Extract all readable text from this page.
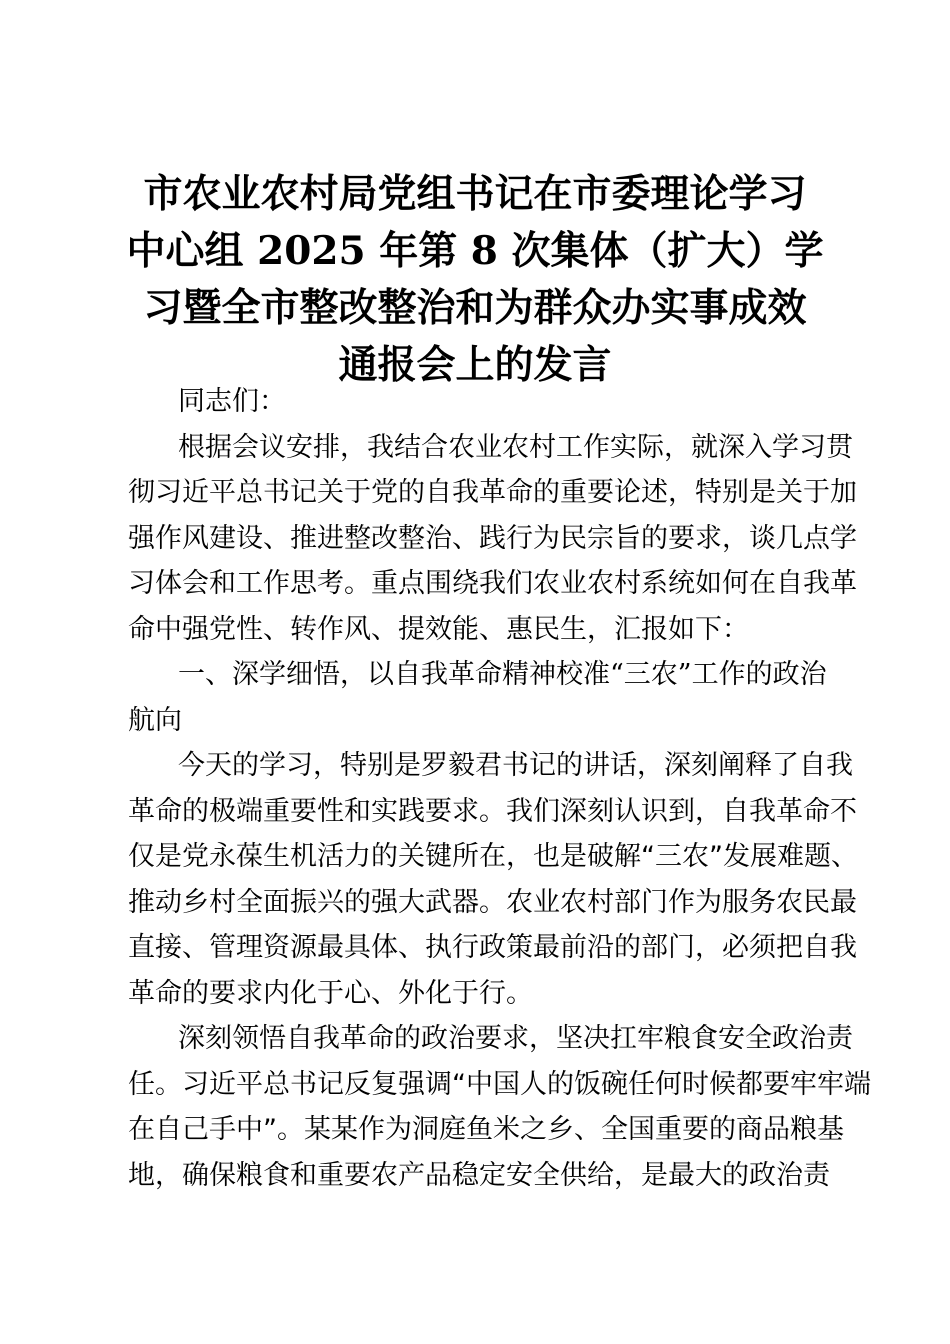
市农业农村局党组书记在市委理论学习
中心组 2025 年第 8 次集体（扩大）学
习暨全市整改整治和为群众办实事成效
通报会上的发言
同志们：
根据会议安排，我结合农业农村工作实际，就深入学习贯
彻习近平总书记关于党的自我革命的重要论述，特别是关于加
强作风建设、推进整改整治、践行为民宗旨的要求，谈几点学
习体会和工作思考。重点围绕我们农业农村系统如何在自我革
命中强党性、转作风、提效能、惠民生，汇报如下：
一、深学细悟，以自我革命精神校准“三农”工作的政治
航向
今天的学习，特别是罗毅君书记的讲话，深刻阐释了自我
革命的极端重要性和实践要求。我们深刻认识到，自我革命不
仅是党永葆生机活力的关键所在，也是破解“三农”发展难题、
推动乡村全面振兴的强大武器。农业农村部门作为服务农民最
直接、管理资源最具体、执行政策最前沿的部门，必须把自我
革命的要求内化于心、外化于行。
深刻领悟自我革命的政治要求，坚决扛牢粮食安全政治责
任。习近平总书记反复强调“中国人的饭碗任何时候都要牢牢端
在自己手中”。某某作为洞庭鱼米之乡、全国重要的商品粮基
地，确保粮食和重要农产品稳定安全供给，是最大的政治责
